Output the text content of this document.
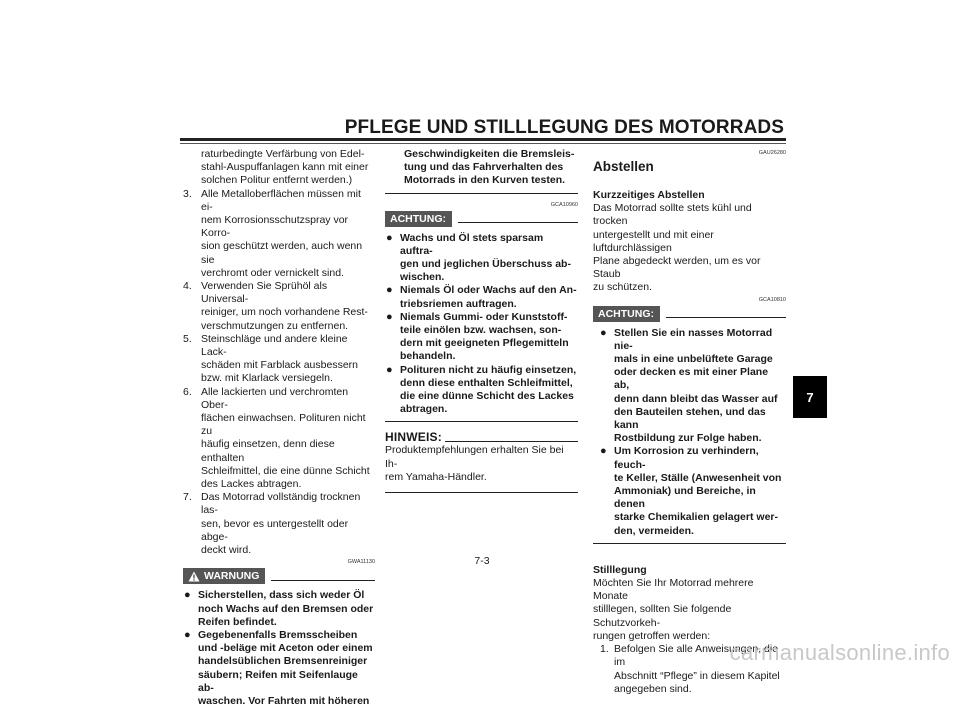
PFLEGE UND STILLLEGUNG DES MOTORRADS
raturbedingte Verfärbung von Edel-
stahl-Auspuffanlagen kann mit einer
solchen Politur entfernt werden.)
3. Alle Metalloberflächen müssen mit ei-
nem Korrosionsschutzspray vor Korro-
sion geschützt werden, auch wenn sie
verchromt oder vernickelt sind.
4. Verwenden Sie Sprühöl als Universal-
reiniger, um noch vorhandene Rest-
verschmutzungen zu entfernen.
5. Steinschläge und andere kleine Lack-
schäden mit Farblack ausbessern
bzw. mit Klarlack versiegeln.
6. Alle lackierten und verchromten Ober-
flächen einwachsen. Polituren nicht zu
häufig einsetzen, denn diese enthalten
Schleifmittel, die eine dünne Schicht
des Lackes abtragen.
7. Das Motorrad vollständig trocknen las-
sen, bevor es untergestellt oder abge-
deckt wird.
GWA11130
WARNUNG
● Sicherstellen, dass sich weder Öl
noch Wachs auf den Bremsen oder
Reifen befindet.
● Gegebenenfalls Bremsscheiben
und -beläge mit Aceton oder einem
handelsüblichen Bremsenreiniger
säubern; Reifen mit Seifenlauge ab-
waschen. Vor Fahrten mit höheren
Geschwindigkeiten die Bremsleis-
tung und das Fahrverhalten des
Motorrads in den Kurven testen.
GCA10960
ACHTUNG:
● Wachs und Öl stets sparsam auftra-
gen und jeglichen Überschuss ab-
wischen.
● Niemals Öl oder Wachs auf den An-
triebsriemen auftragen.
● Niemals Gummi- oder Kunststoff-
teile einölen bzw. wachsen, son-
dern mit geeigneten Pflegemitteln
behandeln.
● Polituren nicht zu häufig einsetzen,
denn diese enthalten Schleifmittel,
die eine dünne Schicht des Lackes
abtragen.
HINWEIS:
Produktempfehlungen erhalten Sie bei Ih-
rem Yamaha-Händler.
GAU26280
Abstellen
Kurzzeitiges Abstellen
Das Motorrad sollte stets kühl und trocken
untergestellt und mit einer luftdurchlässigen
Plane abgedeckt werden, um es vor Staub
zu schützen.
GCA10810
ACHTUNG:
● Stellen Sie ein nasses Motorrad nie-
mals in eine unbelüftete Garage
oder decken es mit einer Plane ab,
denn dann bleibt das Wasser auf
den Bauteilen stehen, und das kann
Rostbildung zur Folge haben.
● Um Korrosion zu verhindern, feuch-
te Keller, Ställe (Anwesenheit von
Ammoniak) und Bereiche, in denen
starke Chemikalien gelagert wer-
den, vermeiden.
Stilllegung
Möchten Sie Ihr Motorrad mehrere Monate
stilllegen, sollten Sie folgende Schutzvorkeh-
rungen getroffen werden:
1. Befolgen Sie alle Anweisungen, die im
Abschnitt “Pflege” in diesem Kapitel
angegeben sind.
7
7-3
carmanualsonline.info
